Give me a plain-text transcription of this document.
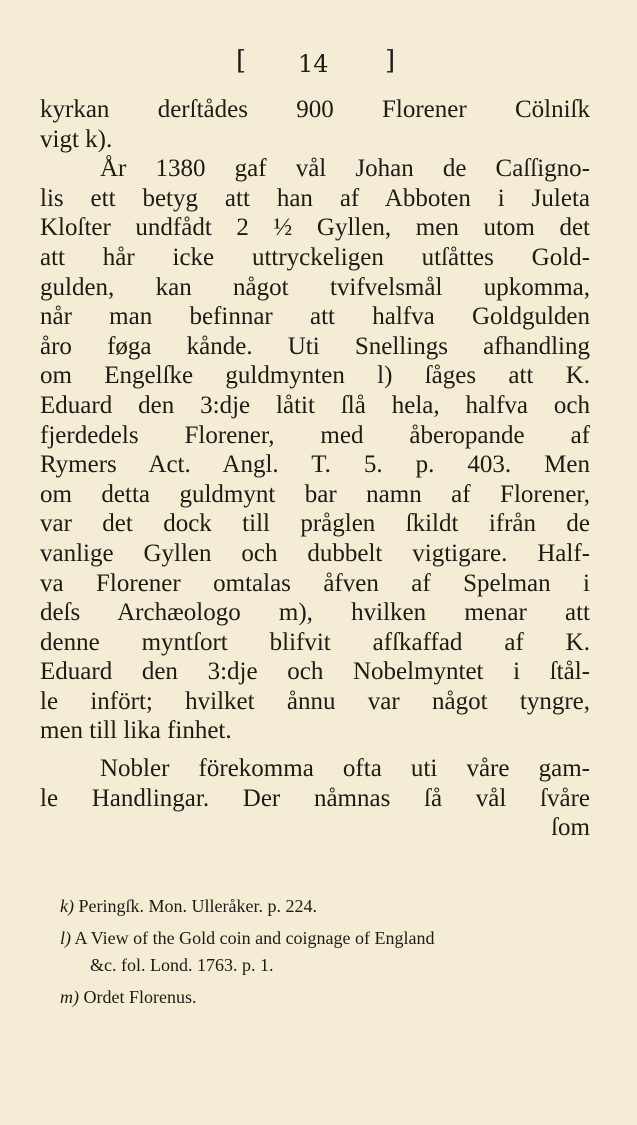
[ 14 ]
kyrkan derſtådes 900 Florener Cölniſk
vigt k).
År 1380 gaf vål Johan de Caſſigno-
lis ett betyg att han af Abboten i Juleta
Kloſter undfådt 2 ½ Gyllen, men utom det
att hår icke uttryckeligen utſåttes Gold-
gulden, kan något tvifvelsmål upkomma,
når man befinnar att halfva Goldgulden
åro føga kånde. Uti Snellings afhandling
om Engelſke guldmynten l) ſåges att K.
Eduard den 3:dje låtit ſlå hela, halfva och
fjerdedels Florener, med åberopande af
Rymers Act. Angl. T. 5. p. 403. Men
om detta guldmynt bar namn af Florener,
var det dock till pråglen ſkildt ifrån de
vanlige Gyllen och dubbelt vigtigare. Half-
va Florener omtalas åfven af Spelman i
deſs Archæologo m), hvilken menar att
denne myntſort blifvit afſkaffad af K.
Eduard den 3:dje och Nobelmyntet i ſtål-
le infört; hvilket ånnu var något tyngre,
men till lika finhet.
Nobler förekomma ofta uti våre gam-
le Handlingar. Der nåmnas ſå vål ſvåre
ſom
k) Peringſk. Mon. Ulleråker. p. 224.
l) A View of the Gold coin and coignage of England
&c. fol. Lond. 1763. p. 1.
m) Ordet Florenus.
